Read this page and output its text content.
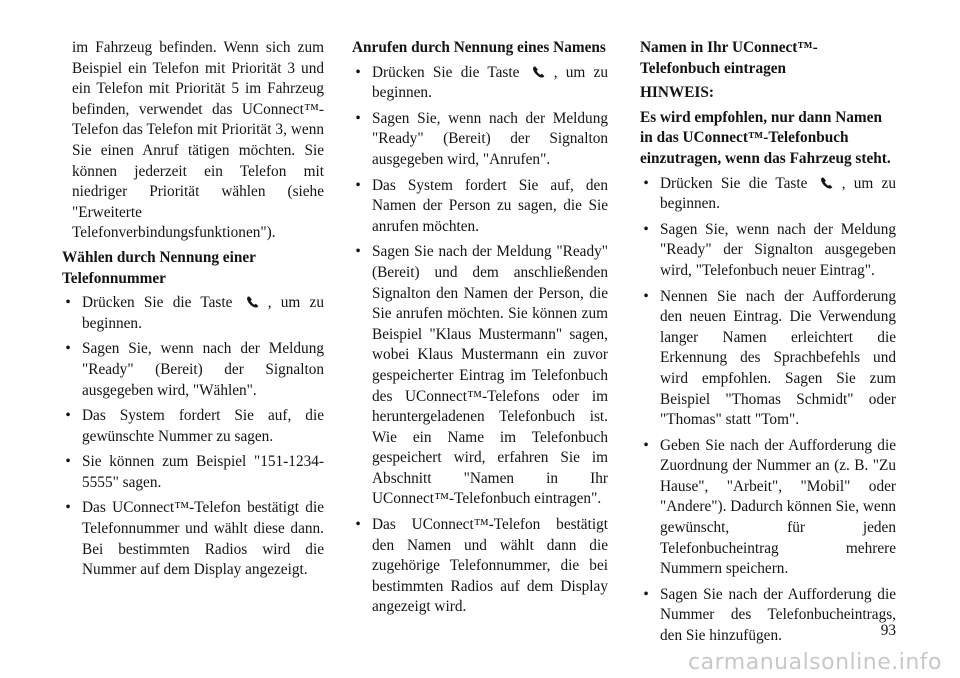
im Fahrzeug befinden. Wenn sich zum Beispiel ein Telefon mit Priorität 3 und ein Telefon mit Priorität 5 im Fahrzeug befinden, verwendet das UConnect™-Telefon das Telefon mit Priorität 3, wenn Sie einen Anruf tätigen möchten. Sie können jederzeit ein Telefon mit niedriger Priorität wählen (siehe "Erweiterte Telefonverbindungsfunktionen").

Wählen durch Nennung einer Telefonnummer

• Drücken Sie die Taste , um zu beginnen.
• Sagen Sie, wenn nach der Meldung "Ready" (Bereit) der Signalton ausgegeben wird, "Wählen".
• Das System fordert Sie auf, die gewünschte Nummer zu sagen.
• Sie können zum Beispiel "151-1234-5555" sagen.
• Das UConnect™-Telefon bestätigt die Telefonnummer und wählt diese dann. Bei bestimmten Radios wird die Nummer auf dem Display angezeigt.

Anrufen durch Nennung eines Namens

• Drücken Sie die Taste , um zu beginnen.
• Sagen Sie, wenn nach der Meldung "Ready" (Bereit) der Signalton ausgegeben wird, "Anrufen".
• Das System fordert Sie auf, den Namen der Person zu sagen, die Sie anrufen möchten.
• Sagen Sie nach der Meldung "Ready" (Bereit) und dem anschließenden Signalton den Namen der Person, die Sie anrufen möchten. Sie können zum Beispiel "Klaus Mustermann" sagen, wobei Klaus Mustermann ein zuvor gespeicherter Eintrag im Telefonbuch des UConnect™-Telefons oder im heruntergeladenen Telefonbuch ist. Wie ein Name im Telefonbuch gespeichert wird, erfahren Sie im Abschnitt "Namen in Ihr UConnect™-Telefonbuch eintragen".
• Das UConnect™-Telefon bestätigt den Namen und wählt dann die zugehörige Telefonnummer, die bei bestimmten Radios auf dem Display angezeigt wird.

Namen in Ihr UConnect™-Telefonbuch eintragen

HINWEIS:

Es wird empfohlen, nur dann Namen in das UConnect™-Telefonbuch einzutragen, wenn das Fahrzeug steht.

• Drücken Sie die Taste , um zu beginnen.
• Sagen Sie, wenn nach der Meldung "Ready" der Signalton ausgegeben wird, "Telefonbuch neuer Eintrag".
• Nennen Sie nach der Aufforderung den neuen Eintrag. Die Verwendung langer Namen erleichtert die Erkennung des Sprachbefehls und wird empfohlen. Sagen Sie zum Beispiel "Thomas Schmidt" oder "Thomas" statt "Tom".
• Geben Sie nach der Aufforderung die Zuordnung der Nummer an (z. B. "Zu Hause", "Arbeit", "Mobil" oder "Andere"). Dadurch können Sie, wenn gewünscht, für jeden Telefonbucheintrag mehrere Nummern speichern.
• Sagen Sie nach der Aufforderung die Nummer des Telefonbucheintrags, den Sie hinzufügen.	93
carmanualsonline.info
